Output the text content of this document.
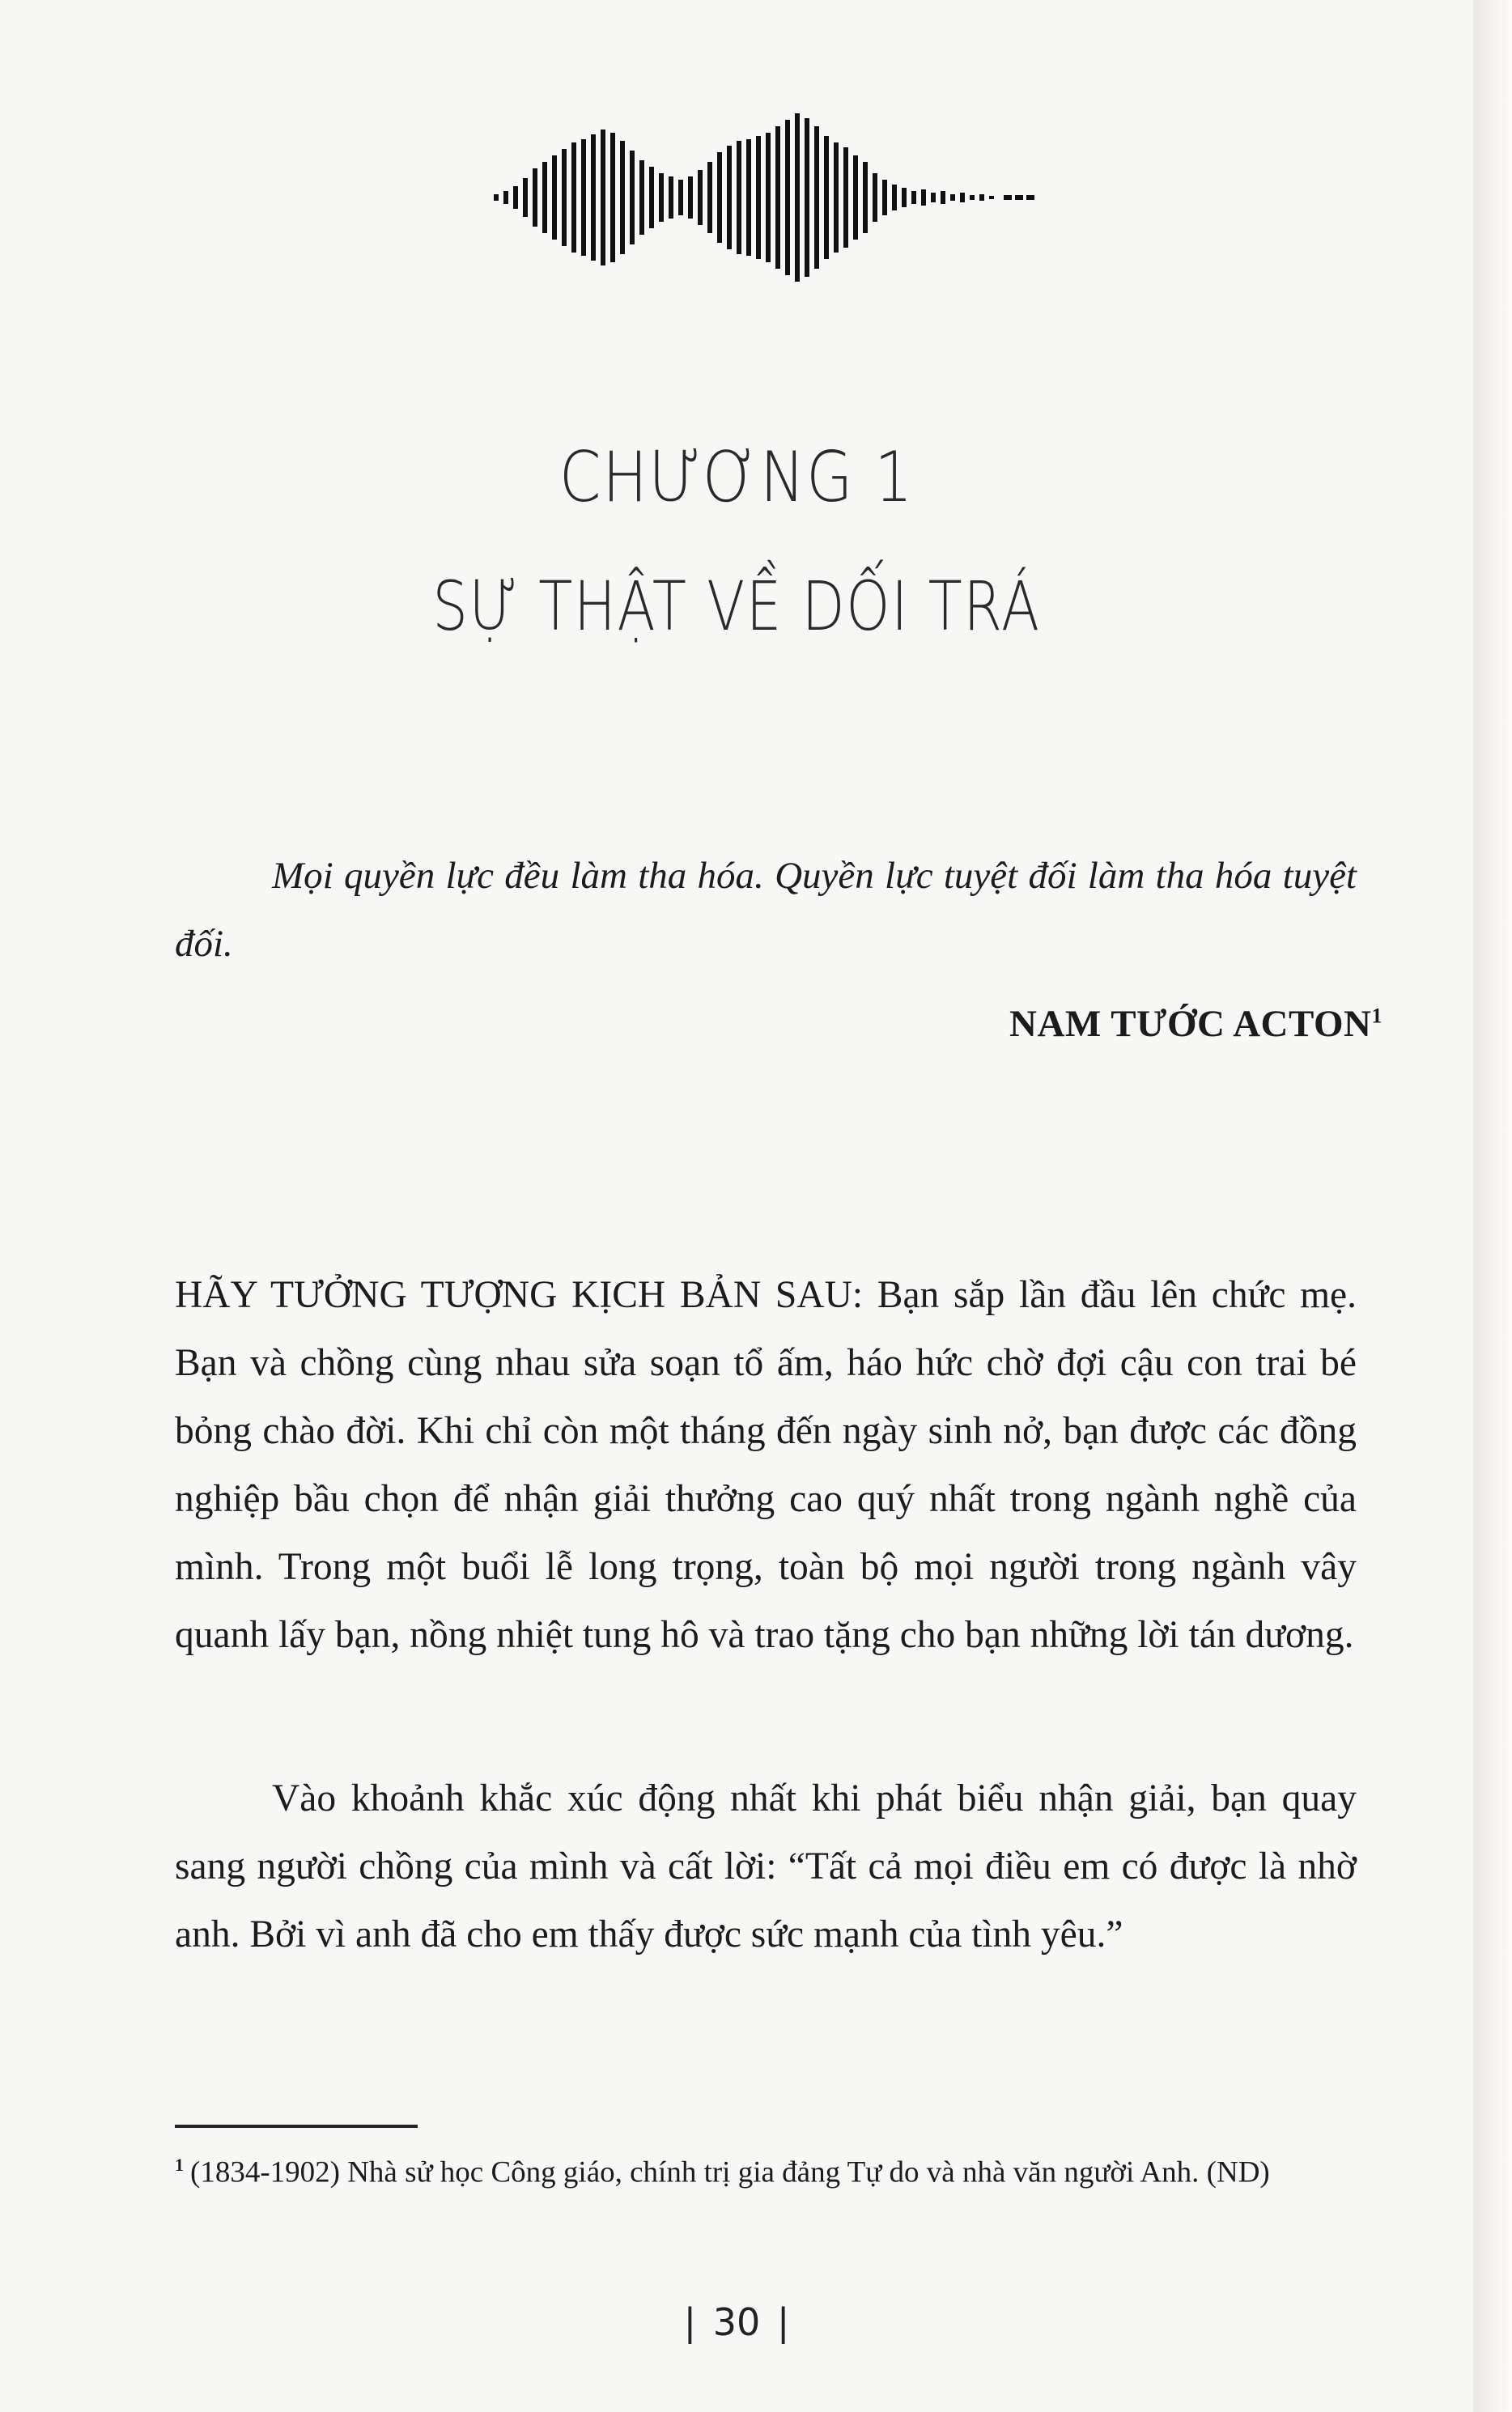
CHƯƠNG 1
SỰ THẬT VỀ DỐI TRÁ
Mọi quyền lực đều làm tha hóa. Quyền lực tuyệt đối làm tha hóa tuyệt đối.
NAM TƯỚC ACTON$^1$

HÃY TƯỞNG TƯỢNG KỊCH BẢN SAU: Bạn sắp lần đầu lên chức mẹ. Bạn và chồng cùng nhau sửa soạn tổ ấm, háo hức chờ đợi cậu con trai bé bỏng chào đời. Khi chỉ còn một tháng đến ngày sinh nở, bạn được các đồng nghiệp bầu chọn để nhận giải thưởng cao quý nhất trong ngành nghề của mình. Trong một buổi lễ long trọng, toàn bộ mọi người trong ngành vây quanh lấy bạn, nồng nhiệt tung hô và trao tặng cho bạn những lời tán dương.

Vào khoảnh khắc xúc động nhất khi phát biểu nhận giải, bạn quay sang người chồng của mình và cất lời: “Tất cả mọi điều em có được là nhờ anh. Bởi vì anh đã cho em thấy được sức mạnh của tình yêu.”

$^1$ (1834-1902) Nhà sử học Công giáo, chính trị gia đảng Tự do và nhà văn người Anh. (ND)
| 30 |
